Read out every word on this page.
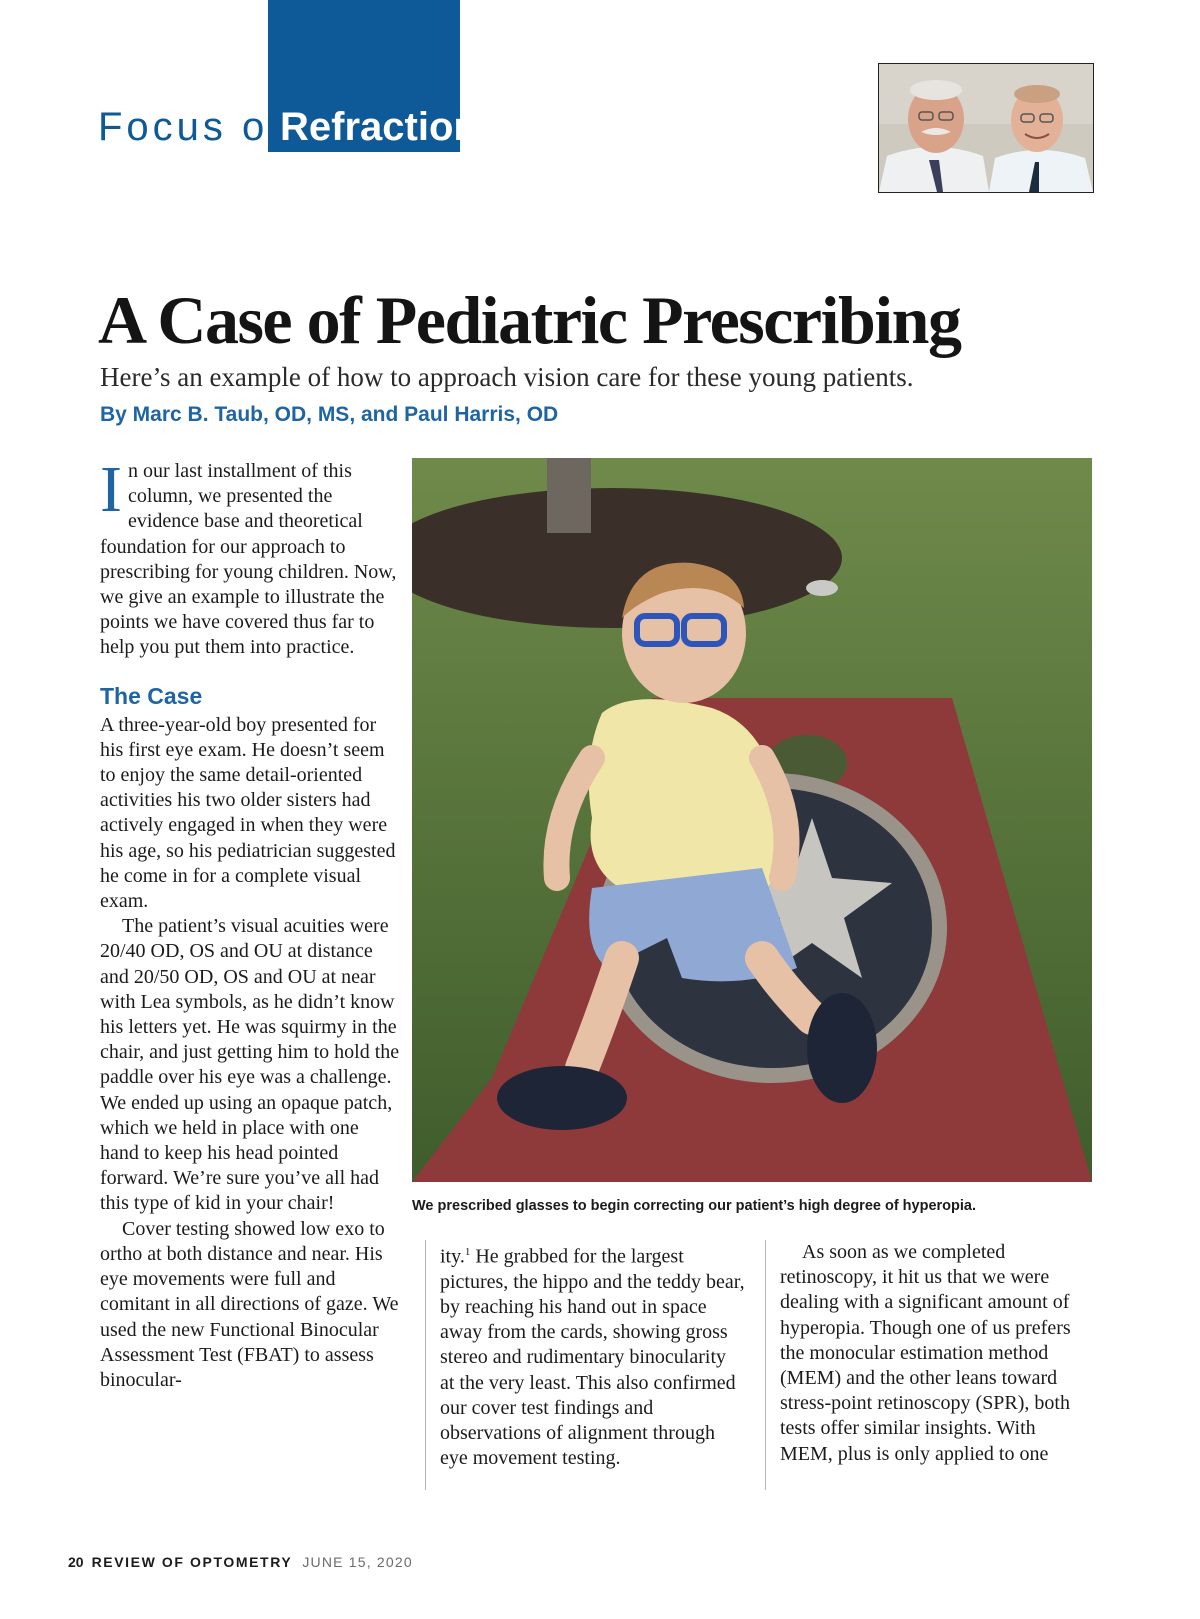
Focus on
Refraction
A Case of Pediatric Prescribing
Here’s an example of how to approach vision care for these young patients.
By Marc B. Taub, OD, MS, and Paul Harris, OD

In our last installment of this column, we presented the evidence base and theoretical foundation for our approach to prescribing for young children. Now, we give an example to illustrate the points we have covered thus far to help you put them into practice.

The Case

A three-year-old boy presented for his first eye exam. He doesn’t seem to enjoy the same detail-oriented activities his two older sisters had actively engaged in when they were his age, so his pediatrician suggested he come in for a complete visual exam.

The patient’s visual acuities were 20/40 OD, OS and OU at distance and 20/50 OD, OS and OU at near with Lea symbols, as he didn’t know his letters yet. He was squirmy in the chair, and just getting him to hold the paddle over his eye was a challenge. We ended up using an opaque patch, which we held in place with one hand to keep his head pointed forward. We’re sure you’ve all had this type of kid in your chair!

Cover testing showed low exo to ortho at both distance and near. His eye movements were full and comitant in all directions of gaze. We used the new Functional Binocular Assessment Test (FBAT) to assess binocular-

We prescribed glasses to begin correcting our patient’s high degree of hyperopia.

ity.$^1$ He grabbed for the largest pictures, the hippo and the teddy bear, by reaching his hand out in space away from the cards, showing gross stereo and rudimentary binocularity at the very least. This also confirmed our cover test findings and observations of alignment through eye movement testing.

As soon as we completed retinoscopy, it hit us that we were dealing with a significant amount of hyperopia. Though one of us prefers the monocular estimation method (MEM) and the other leans toward stress-point retinoscopy (SPR), both tests offer similar insights. With MEM, plus is only applied to one

20 REVIEW OF OPTOMETRY JUNE 15, 2020
